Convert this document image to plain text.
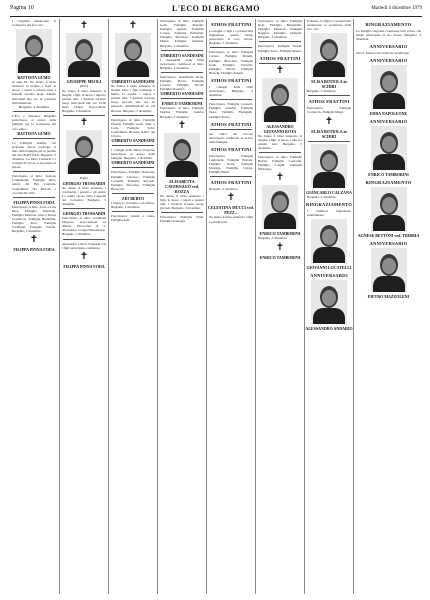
Pagina 10	L'ECO DI BERGAMO	Martedì 4 dicembre 1979
I congiunti annunciano la scomparsa del loro caro
BATTISTA GUMO
di anni 64. Ne danno il triste annuncio la moglie, i figli, le nuore, i nipoti e parenti tutti. I funerali avranno luogo domani mercoledì alle ore 10 partendo dall'abitazione.
Bergamo, 3 dicembre
L'Eco e Ermanno Bergamo partecipano al dolore della famiglia per la scomparsa del caro amico.
BATTISTA GUMO
La Famiglia Adelfia con profondo dolore partecipa al lutto della famiglia per la perdita del caro BATTISTA. Bergamo, 3 dicembre. La Ditta Trussardi e i colleghi di lavoro si associano al dolore.
Partecipano al lutto: Sezione Combattenti, Famiglia Riva, Amici del Bar Centrale, Condominio Via Moroni, i coscritti del 1915.
FILIPPA PINNA FODA
Partecipano al lutto: Livio e Lina Riva, Famiglia Valsecchi, Famiglia Mazzola, Gino e Teresa Cortinovis, Famiglia Brembilla, Famiglia Rota, Famiglia Carminati, Famiglia Zanchi. Bergamo, 3 dicembre.
✝
FILIPPA PINNA FODA
✝
GIUSEPPE MEOLI
(Peo)
Ne danno il triste annuncio la moglie, i figli, la nuora, i nipoti e parenti tutti. I funerali avranno luogo mercoledì alle ore 14,30 nella Chiesa Parrocchiale. Bergamo, 3 dicembre.
✝
Padre
GIORGIO TROSSARDI
Ne danno il triste annuncio i confratelli, i parenti e gli amici. La salma riposa nella Cappella del Convento. Bergamo, 3 dicembre.
GIORGIO TROSSARDI
Partecipano al lutto: Comunità religiosa, Associazione ex Allievi, Parrocchia di S. Alessandro, Gruppo Missionario. Bergamo, 3 dicembre.
Alessandro e Rosa Trussardi con i figli partecipano commossi.
✝
FILIPPA PINNA FODA
✝
UMBERTO SANDESINI
Ne danno il triste annuncio la moglie Lina, i figli Giuseppe e Maria, le sorelle, i nipoti e parenti tutti. I funerali avranno luogo giovedì alle ore 10 partendo dall'abitazione in via Broseta. Bergamo, 3 dicembre.
Partecipano al lutto: Famiglia Pesenti, Famiglia Gotti, Rino e Carla, Famiglia Salvi, Condominio Broseta, Amici del Circolo.
UMBERTO SANDESINI
I colleghi della Banca Popolare partecipano al dolore della famiglia. Bergamo, 3 dicembre.
UMBERTO SANDESINI
Partecipano: Famiglia Bonacina, Famiglia Cattaneo, Famiglia Locatelli, Famiglia Ravasio, Famiglia Morosini, Famiglia Bertocchi.
ZIO BERTO
I nipoti lo ricordano con affetto. Bergamo, 3 dicembre.
Partecipano: Gianni e Luisa, Famiglia Sala.
Partecipano al lutto: Famiglia Gatti, Famiglia Bonomi, Famiglia Agazzi, Famiglia Cortesi, Famiglia Pellegrini, Famiglia Marchesi, Famiglia Milesi, Famiglia Ghisleni. Bergamo, 3 dicembre.
UMBERTO SANDESINI
I dipendenti della Ditta partecipano commossi al lutto. Bergamo, 3 dicembre.
Partecipano: Annamaria Rossi, Famiglia Tironi, Famiglia Lazzari, Famiglia Nicoli, Famiglia Invernici.
UMBERTO SANDESINI
ENRICO TAMBORINI
Partecipano al lutto: Famiglia Pedrini, Famiglia Gamba. Bergamo, 3 dicembre.
✝
ELISABETTA CAVERNAGO ved. ROZZA
Ne danno il triste annuncio i figli, le nuore, i nipoti e parenti tutti. I funerali avranno luogo giovedì. Bergamo, 3 dicembre.
Partecipano: Famiglia Vitali, Famiglia Sonzogni.
ATHOS FRATTINI
La moglie, i figli e i parenti tutti ringraziano quanti hanno partecipato al loro dolore. Bergamo, 3 dicembre.
Partecipano al lutto: Famiglia Carrara, Famiglia Moretti, Famiglia Bresciani, Famiglia Galli, Famiglia Previtali, Famiglia Ferrari, Famiglia Bianchi, Famiglia Zanetti.
ATHOS FRATTINI
I colleghi della Ditta partecipano. Bergamo, 3 dicembre.
Partecipano: Famiglia Ceresoli, Famiglia Arnoldi, Famiglia Testa, Famiglia Fumagalli, Famiglia Perico.
ATHOS FRATTINI
Gli amici del Circolo partecipano commossi al dolore della famiglia.
ATHOS FRATTINI
Partecipano: Famiglia Lanfranchi, Famiglia Plebani, Famiglia Scotti, Famiglia Mologni, Famiglia Crippa, Famiglia Baldi.
ATHOS FRATTINI
Bergamo, 3 dicembre.
✝
CELESTINA MUCCI ved. PEZZ...
Ne danno il triste annuncio i figli e parenti tutti.
Partecipano al lutto: Famiglia Rota, Famiglia Bergamelli, Famiglia Manzoni, Famiglia Ruggeri, Famiglia Ghilardi. Bergamo, 3 dicembre.
Partecipano: Famiglia Suardi, Famiglia Tasca, Famiglia Mazza.
ATHOS FRATTINI
✝
ALESSANDRO GIOVANNI ROTA
Ne danno il triste annuncio la moglie, i figli, le nuore, i nipoti e parenti tutti. Bergamo, 3 dicembre.
Partecipano al lutto: Famiglia Belotti, Famiglia Consonni, Famiglia Longhi, Famiglia Medolago.
✝
ENRICO TAMBORINI
Bergamo, 3 dicembre.
✝
ENRICO TAMBORINI
Il marito, la figlia e i parenti tutti annunciano la scomparsa della loro cara
ELISA BOTIOLA in SCHIRI
Bergamo, 3 dicembre.
ATHOS FRATTINI
Partecipano: Famiglia Cortinovis, Famiglia Magri.
✝
ELISA BOTIOLA in SCHIRI
GIANCARLO CALZANA
Bergamo, 3 dicembre.
RINGRAZIAMENTO
I familiari ringraziano sentitamente.
GIOVANNI LOCATELLI
ANNIVERSARIO
ALESSANDRO ANDARIO
RINGRAZIAMENTO
La famiglia ringrazia commossa tutti coloro che hanno partecipato al suo dolore. Bergamo, 3 dicembre.
ANNIVERSARIO
Una S. Messa sarà celebrata in suffragio.
ANNIVERSARIO
EDDA NAPOLEONE
ANNIVERSARIO
ENRICO TAMBORINI
RINGRAZIAMENTO
AGNESE BETTONI ved. TRIBBIA
ANNIVERSARIO
PIETRO MAZZOLENI
